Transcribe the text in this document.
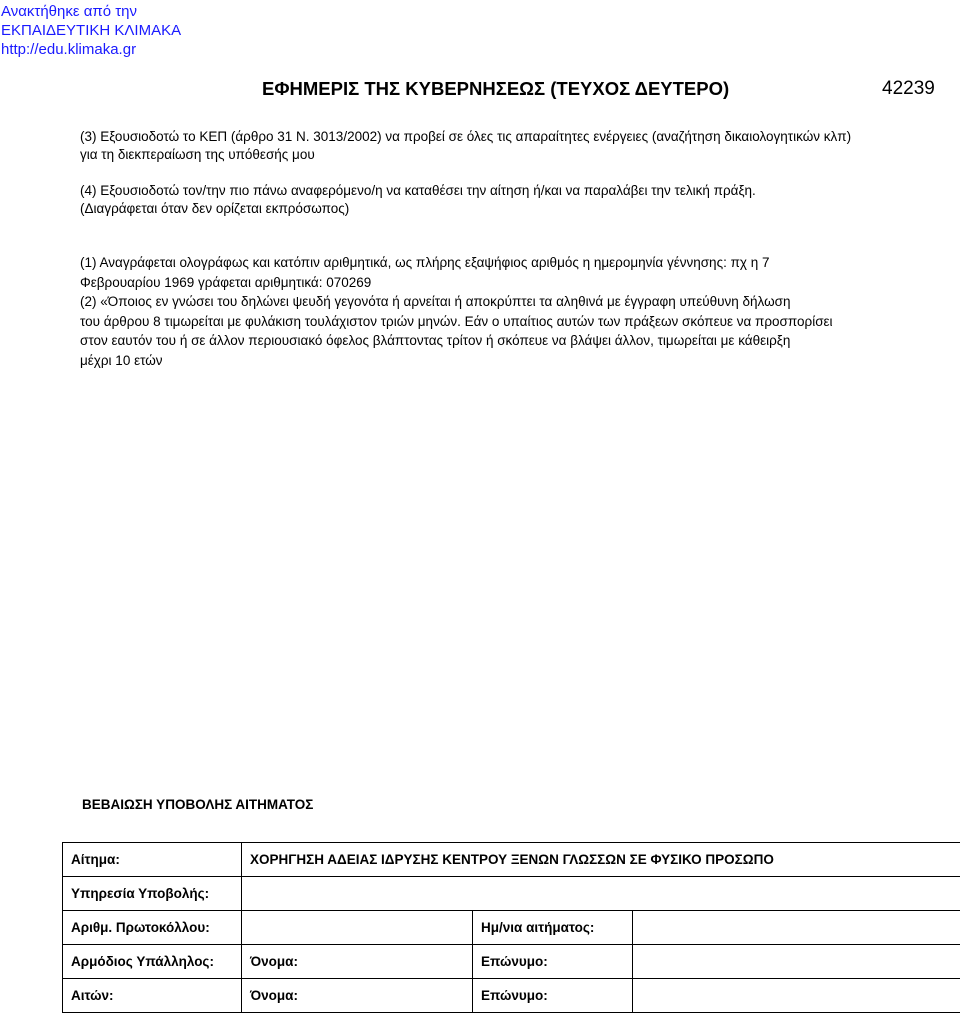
Ανακτήθηκε από την
ΕΚΠΑΙΔΕΥΤΙΚΗ ΚΛΙΜΑΚΑ
http://edu.klimaka.gr
ΕΦΗΜΕΡΙΣ ΤΗΣ ΚΥΒΕΡΝΗΣΕΩΣ (ΤΕΥΧΟΣ ΔΕΥΤΕΡΟ)	42239
(3) Εξουσιοδοτώ το ΚΕΠ (άρθρο 31 Ν. 3013/2002) να προβεί σε όλες τις απαραίτητες ενέργειες (αναζήτηση δικαιολογητικών κλπ)
για τη διεκπεραίωση της υπόθεσής μου
(4) Εξουσιοδοτώ τον/την πιο πάνω αναφερόμενο/η να καταθέσει την αίτηση ή/και να παραλάβει την τελική πράξη.
(Διαγράφεται όταν δεν ορίζεται εκπρόσωπος)
(1) Αναγράφεται ολογράφως και κατόπιν αριθμητικά, ως πλήρης εξαψήφιος αριθμός η ημερομηνία γέννησης: πχ η 7
Φεβρουαρίου 1969 γράφεται αριθμητικά: 070269
(2) «Όποιος εν γνώσει του δηλώνει ψευδή γεγονότα ή αρνείται ή αποκρύπτει τα αληθινά με έγγραφη υπεύθυνη δήλωση
του άρθρου 8 τιμωρείται με φυλάκιση τουλάχιστον τριών μηνών. Εάν ο υπαίτιος αυτών των πράξεων σκόπευε να προσπορίσει
στον εαυτόν του ή σε άλλον περιουσιακό όφελος βλάπτοντας τρίτον ή σκόπευε να βλάψει άλλον, τιμωρείται με κάθειρξη
μέχρι 10 ετών
ΒΕΒΑΙΩΣΗ ΥΠΟΒΟΛΗΣ ΑΙΤΗΜΑΤΟΣ
Αίτημα:	ΧΟΡΗΓΗΣΗ ΑΔΕΙΑΣ ΙΔΡΥΣΗΣ ΚΕΝΤΡΟΥ ΞΕΝΩΝ ΓΛΩΣΣΩΝ ΣΕ ΦΥΣΙΚΟ ΠΡΟΣΩΠΟ		
Υπηρεσία Υποβολής:			
Αριθμ. Πρωτοκόλλου:		Ημ/νια αιτήματος:	
Αρμόδιος Υπάλληλος:	Όνομα:	Επώνυμο:	
Αιτών:	Όνομα:	Επώνυμο:	
